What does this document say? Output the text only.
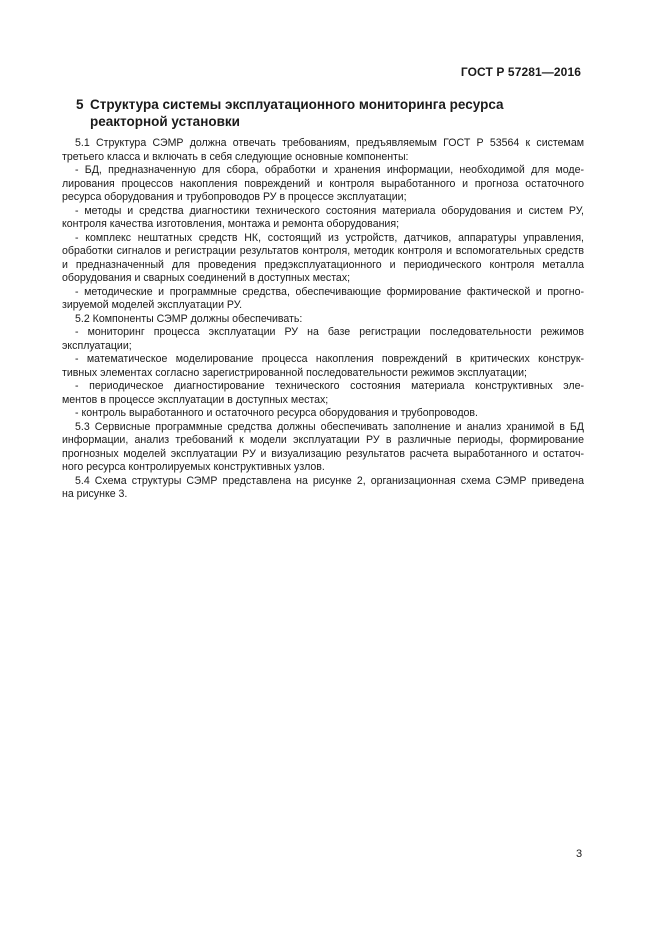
ГОСТ Р 57281—2016
5 Структура системы эксплуатационного мониторинга ресурса
реакторной установки
5.1 Структура СЭМР должна отвечать требованиям, предъявляемым ГОСТ Р 53564 к системам
третьего класса и включать в себя следующие основные компоненты:
- БД, предназначенную для сбора, обработки и хранения информации, необходимой для моде-
лирования процессов накопления повреждений и контроля выработанного и прогноза остаточного
ресурса оборудования и трубопроводов РУ в процессе эксплуатации;
- методы и средства диагностики технического состояния материала оборудования и систем РУ,
контроля качества изготовления, монтажа и ремонта оборудования;
- комплекс нештатных средств НК, состоящий из устройств, датчиков, аппаратуры управления,
обработки сигналов и регистрации результатов контроля, методик контроля и вспомогательных средств
и предназначенный для проведения предэксплуатационного и периодического контроля металла
оборудования и сварных соединений в доступных местах;
- методические и программные средства, обеспечивающие формирование фактической и прогно-
зируемой моделей эксплуатации РУ.
5.2 Компоненты СЭМР должны обеспечивать:
- мониторинг процесса эксплуатации РУ на базе регистрации последовательности режимов
эксплуатации;
- математическое моделирование процесса накопления повреждений в критических конструк-
тивных элементах согласно зарегистрированной последовательности режимов эксплуатации;
- периодическое диагностирование технического состояния материала конструктивных эле-
ментов в процессе эксплуатации в доступных местах;
- контроль выработанного и остаточного ресурса оборудования и трубопроводов.
5.3 Сервисные программные средства должны обеспечивать заполнение и анализ хранимой в БД
информации, анализ требований к модели эксплуатации РУ в различные периоды, формирование
прогнозных моделей эксплуатации РУ и визуализацию результатов расчета выработанного и остаточ-
ного ресурса контролируемых конструктивных узлов.
5.4 Схема структуры СЭМР представлена на рисунке 2, организационная схема СЭМР приведена
на рисунке 3.
3
